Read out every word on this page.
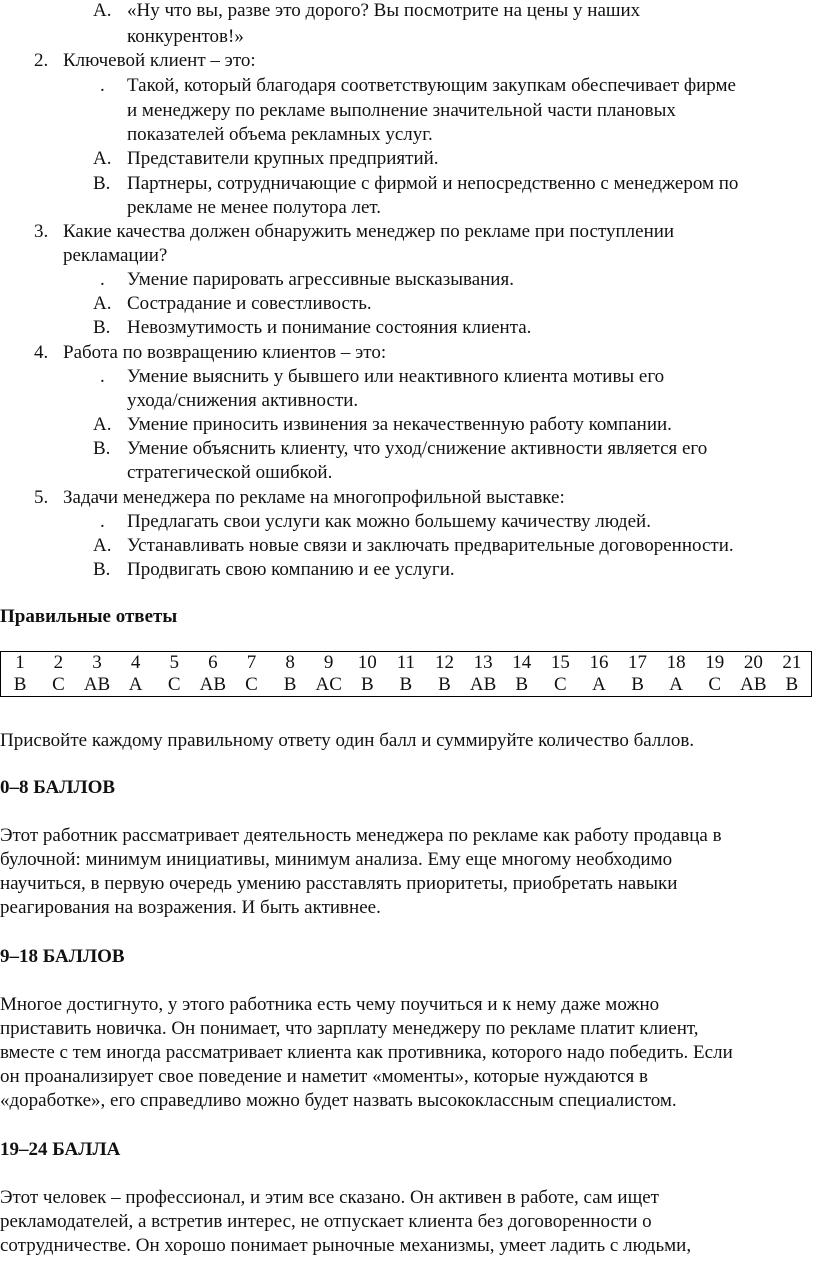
A. «Ну что вы, разве это дорого? Вы посмотрите на цены у наших
конкурентов!»
2. Ключевой клиент – это:
. Такой, который благодаря соответствующим закупкам обеспечивает фирме
и менеджеру по рекламе выполнение значительной части плановых
показателей объема рекламных услуг.
A. Представители крупных предприятий.
B. Партнеры, сотрудничающие с фирмой и непосредственно с менеджером по
рекламе не менее полутора лет.
3. Какие качества должен обнаружить менеджер по рекламе при поступлении
рекламации?
. Умение парировать агрессивные высказывания.
A. Сострадание и совестливость.
B. Невозмутимость и понимание состояния клиента.
4. Работа по возвращению клиентов – это:
. Умение выяснить у бывшего или неактивного клиента мотивы его
ухода/снижения активности.
A. Умение приносить извинения за некачественную работу компании.
B. Умение объяснить клиенту, что уход/снижение активности является его
стратегической ошибкой.
5. Задачи менеджера по рекламе на многопрофильной выставке:
. Предлагать свои услуги как можно большему качичеству людей.
A. Устанавливать новые связи и заключать предварительные договоренности.
B. Продвигать свою компанию и ее услуги.
Правильные ответы
1	2	3	4	5	6	7	8	9	10	11	12	13	14	15	16	17	18	19	20	21
B	C	AB	A	C	AB	C	B	AC	B	B	B	AB	B	C	A	B	A	C	AB	B
Присвойте каждому правильному ответу один балл и суммируйте количество баллов.
0–8 БАЛЛОВ
Этот работник рассматривает деятельность менеджера по рекламе как работу продавца в
булочной: минимум инициативы, минимум анализа. Ему еще многому необходимо
научиться, в первую очередь умению расставлять приоритеты, приобретать навыки
реагирования на возражения. И быть активнее.
9–18 БАЛЛОВ
Многое достигнуто, у этого работника есть чему поучиться и к нему даже можно
приставить новичка. Он понимает, что зарплату менеджеру по рекламе платит клиент,
вместе с тем иногда рассматривает клиента как противника, которого надо победить. Если
он проанализирует свое поведение и наметит «моменты», которые нуждаются в
«доработке», его справедливо можно будет назвать высококлассным специалистом.
19–24 БАЛЛА
Этот человек – профессионал, и этим все сказано. Он активен в работе, сам ищет
рекламодателей, а встретив интерес, не отпускает клиента без договоренности о
сотрудничестве. Он хорошо понимает рыночные механизмы, умеет ладить с людьми,
